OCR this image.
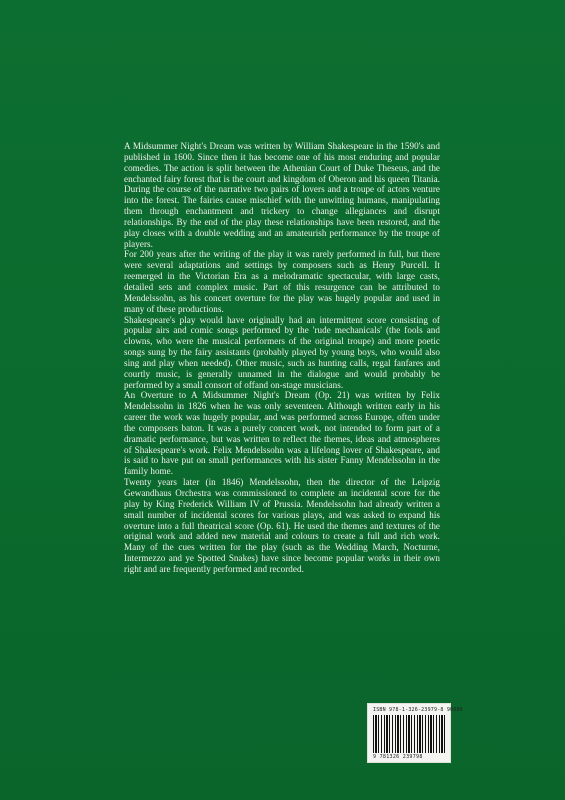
A Midsummer Night's Dream was written by William Shakespeare in the 1590's and published in 1600. Since then it has become one of his most enduring and popular comedies. The action is split between the Athenian Court of Duke Theseus, and the enchanted fairy forest that is the court and kingdom of Oberon and his queen Titania. During the course of the narrative two pairs of lovers and a troupe of actors venture into the forest. The fairies cause mischief with the unwitting humans, manipulating them through enchantment and trickery to change allegiances and disrupt relationships. By the end of the play these relationships have been restored, and the play closes with a double wedding and an amateurish performance by the troupe of players.

For 200 years after the writing of the play it was rarely performed in full, but there were several adaptations and settings by composers such as Henry Purcell. It reemerged in the Victorian Era as a melodramatic spectacular, with large casts, detailed sets and complex music. Part of this resurgence can be attributed to Mendelssohn, as his concert overture for the play was hugely popular and used in many of these productions.

Shakespeare's play would have originally had an intermittent score consisting of popular airs and comic songs performed by the 'rude mechanicals' (the fools and clowns, who were the musical performers of the original troupe) and more poetic songs sung by the fairy assistants (probably played by young boys, who would also sing and play when needed). Other music, such as hunting calls, regal fanfares and courtly music, is generally unnamed in the dialogue and would probably be performed by a small consort of offand on-stage musicians.

An Overture to A Midsummer Night's Dream (Op. 21) was written by Felix Mendelssohn in 1826 when he was only seventeen. Although written early in his career the work was hugely popular, and was performed across Europe, often under the composers baton. It was a purely concert work, not intended to form part of a dramatic performance, but was written to reflect the themes, ideas and atmospheres of Shakespeare's work. Felix Mendelssohn was a lifelong lover of Shakespeare, and is said to have put on small performances with his sister Fanny Mendelssohn in the family home.

Twenty years later (in 1846) Mendelssohn, then the director of the Leipzig Gewandhaus Orchestra was commissioned to complete an incidental score for the play by King Frederick William IV of Prussia. Mendelssohn had already written a small number of incidental scores for various plays, and was asked to expand his overture into a full theatrical score (Op. 61). He used the themes and textures of the original work and added new material and colours to create a full and rich work. Many of the cues written for the play (such as the Wedding March, Nocturne, Intermezzo and ye Spotted Snakes) have since become popular works in their own right and are frequently performed and recorded.

ISBN 978-1-326-23979-8 90000
9 781326 239798
